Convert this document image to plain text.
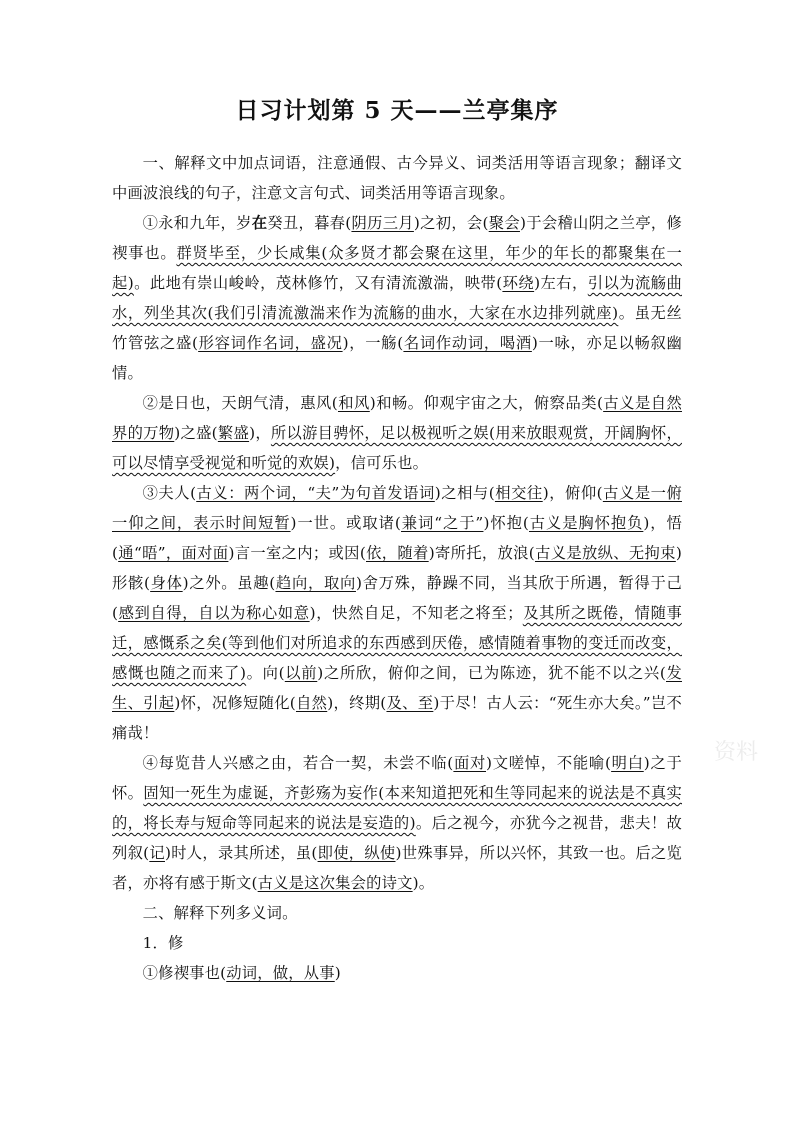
日习计划第 5 天——兰亭集序

一、解释文中加点词语，注意通假、古今异义、词类活用等语言现象；翻译文中画波浪线的句子，注意文言句式、词类活用等语言现象。

①永和九年，岁在癸丑，暮春(阴历三月)之初，会(聚会)于会稽山阴之兰亭，修禊事也。群贤毕至，少长咸集(众多贤才都会聚在这里，年少的年长的都聚集在一起)。此地有崇山峻岭，茂林修竹，又有清流激湍，映带(环绕)左右，引以为流觞曲水，列坐其次(我们引清流激湍来作为流觞的曲水，大家在水边排列就座)。虽无丝竹管弦之盛(形容词作名词，盛况)，一觞(名词作动词，喝酒)一咏，亦足以畅叙幽情。

②是日也，天朗气清，惠风(和风)和畅。仰观宇宙之大，俯察品类(古义是自然界的万物)之盛(繁盛)，所以游目骋怀，足以极视听之娱(用来放眼观赏，开阔胸怀，可以尽情享受视觉和听觉的欢娱)，信可乐也。

③夫人(古义：两个词，“夫”为句首发语词)之相与(相交往)，俯仰(古义是一俯一仰之间，表示时间短暂)一世。或取诸(兼词“之于”)怀抱(古义是胸怀抱负)，悟(通“晤”，面对面)言一室之内；或因(依，随着)寄所托，放浪(古义是放纵、无拘束)形骸(身体)之外。虽趣(趋向，取向)舍万殊，静躁不同，当其欣于所遇，暂得于己(感到自得，自以为称心如意)，快然自足，不知老之将至；及其所之既倦，情随事迁，感慨系之矣(等到他们对所追求的东西感到厌倦，感情随着事物的变迁而改变，感慨也随之而来了)。向(以前)之所欣，俯仰之间，已为陈迹，犹不能不以之兴(发生、引起)怀，况修短随化(自然)，终期(及、至)于尽！古人云：“死生亦大矣。”岂不痛哉！

④每览昔人兴感之由，若合一契，未尝不临(面对)文嗟悼，不能喻(明白)之于怀。固知一死生为虚诞，齐彭殇为妄作(本来知道把死和生等同起来的说法是不真实的，将长寿与短命等同起来的说法是妄造的)。后之视今，亦犹今之视昔，悲夫！故列叙(记)时人，录其所述，虽(即使，纵使)世殊事异，所以兴怀，其致一也。后之览者，亦将有感于斯文(古义是这次集会的诗文)。

二、解释下列多义词。

1．修

①修禊事也(动词，做，从事)

资料
